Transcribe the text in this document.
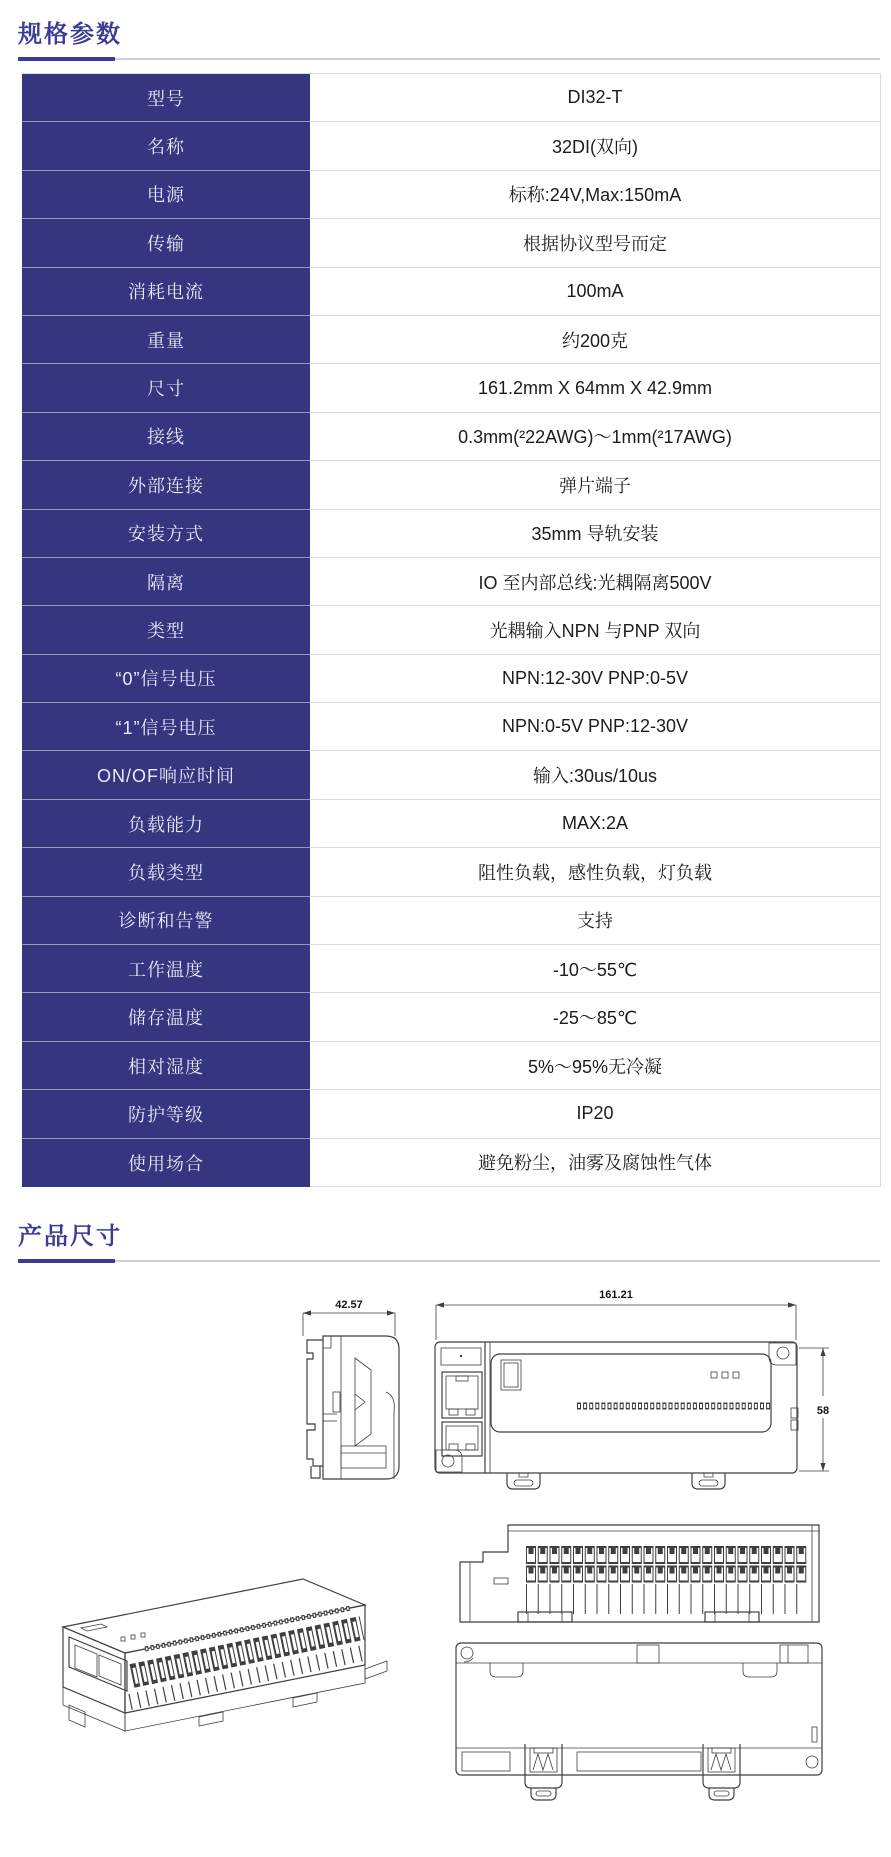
规格参数
型号	DI32-T
名称	32DI(双向)
电源	标称:24V,Max:150mA
传输	根据协议型号而定
消耗电流	100mA
重量	约200克
尺寸	161.2mm X 64mm X 42.9mm
接线	0.3mm(²22AWG)～1mm(²17AWG)
外部连接	弹片端子
安装方式	35mm 导轨安装
隔离	IO 至内部总线:光耦隔离500V
类型	光耦输入NPN 与PNP 双向
“0”信号电压	NPN:12-30V PNP:0-5V
“1”信号电压	NPN:0-5V PNP:12-30V
ON/OF响应时间	输入:30us/10us
负载能力	MAX:2A
负载类型	阻性负载，感性负载，灯负载
诊断和告警	支持
工作温度	-10～55℃
储存温度	-25～85℃
相对湿度	5%～95%无冷凝
防护等级	IP20
使用场合	避免粉尘，油雾及腐蚀性气体
产品尺寸
42.57
161.21
58
